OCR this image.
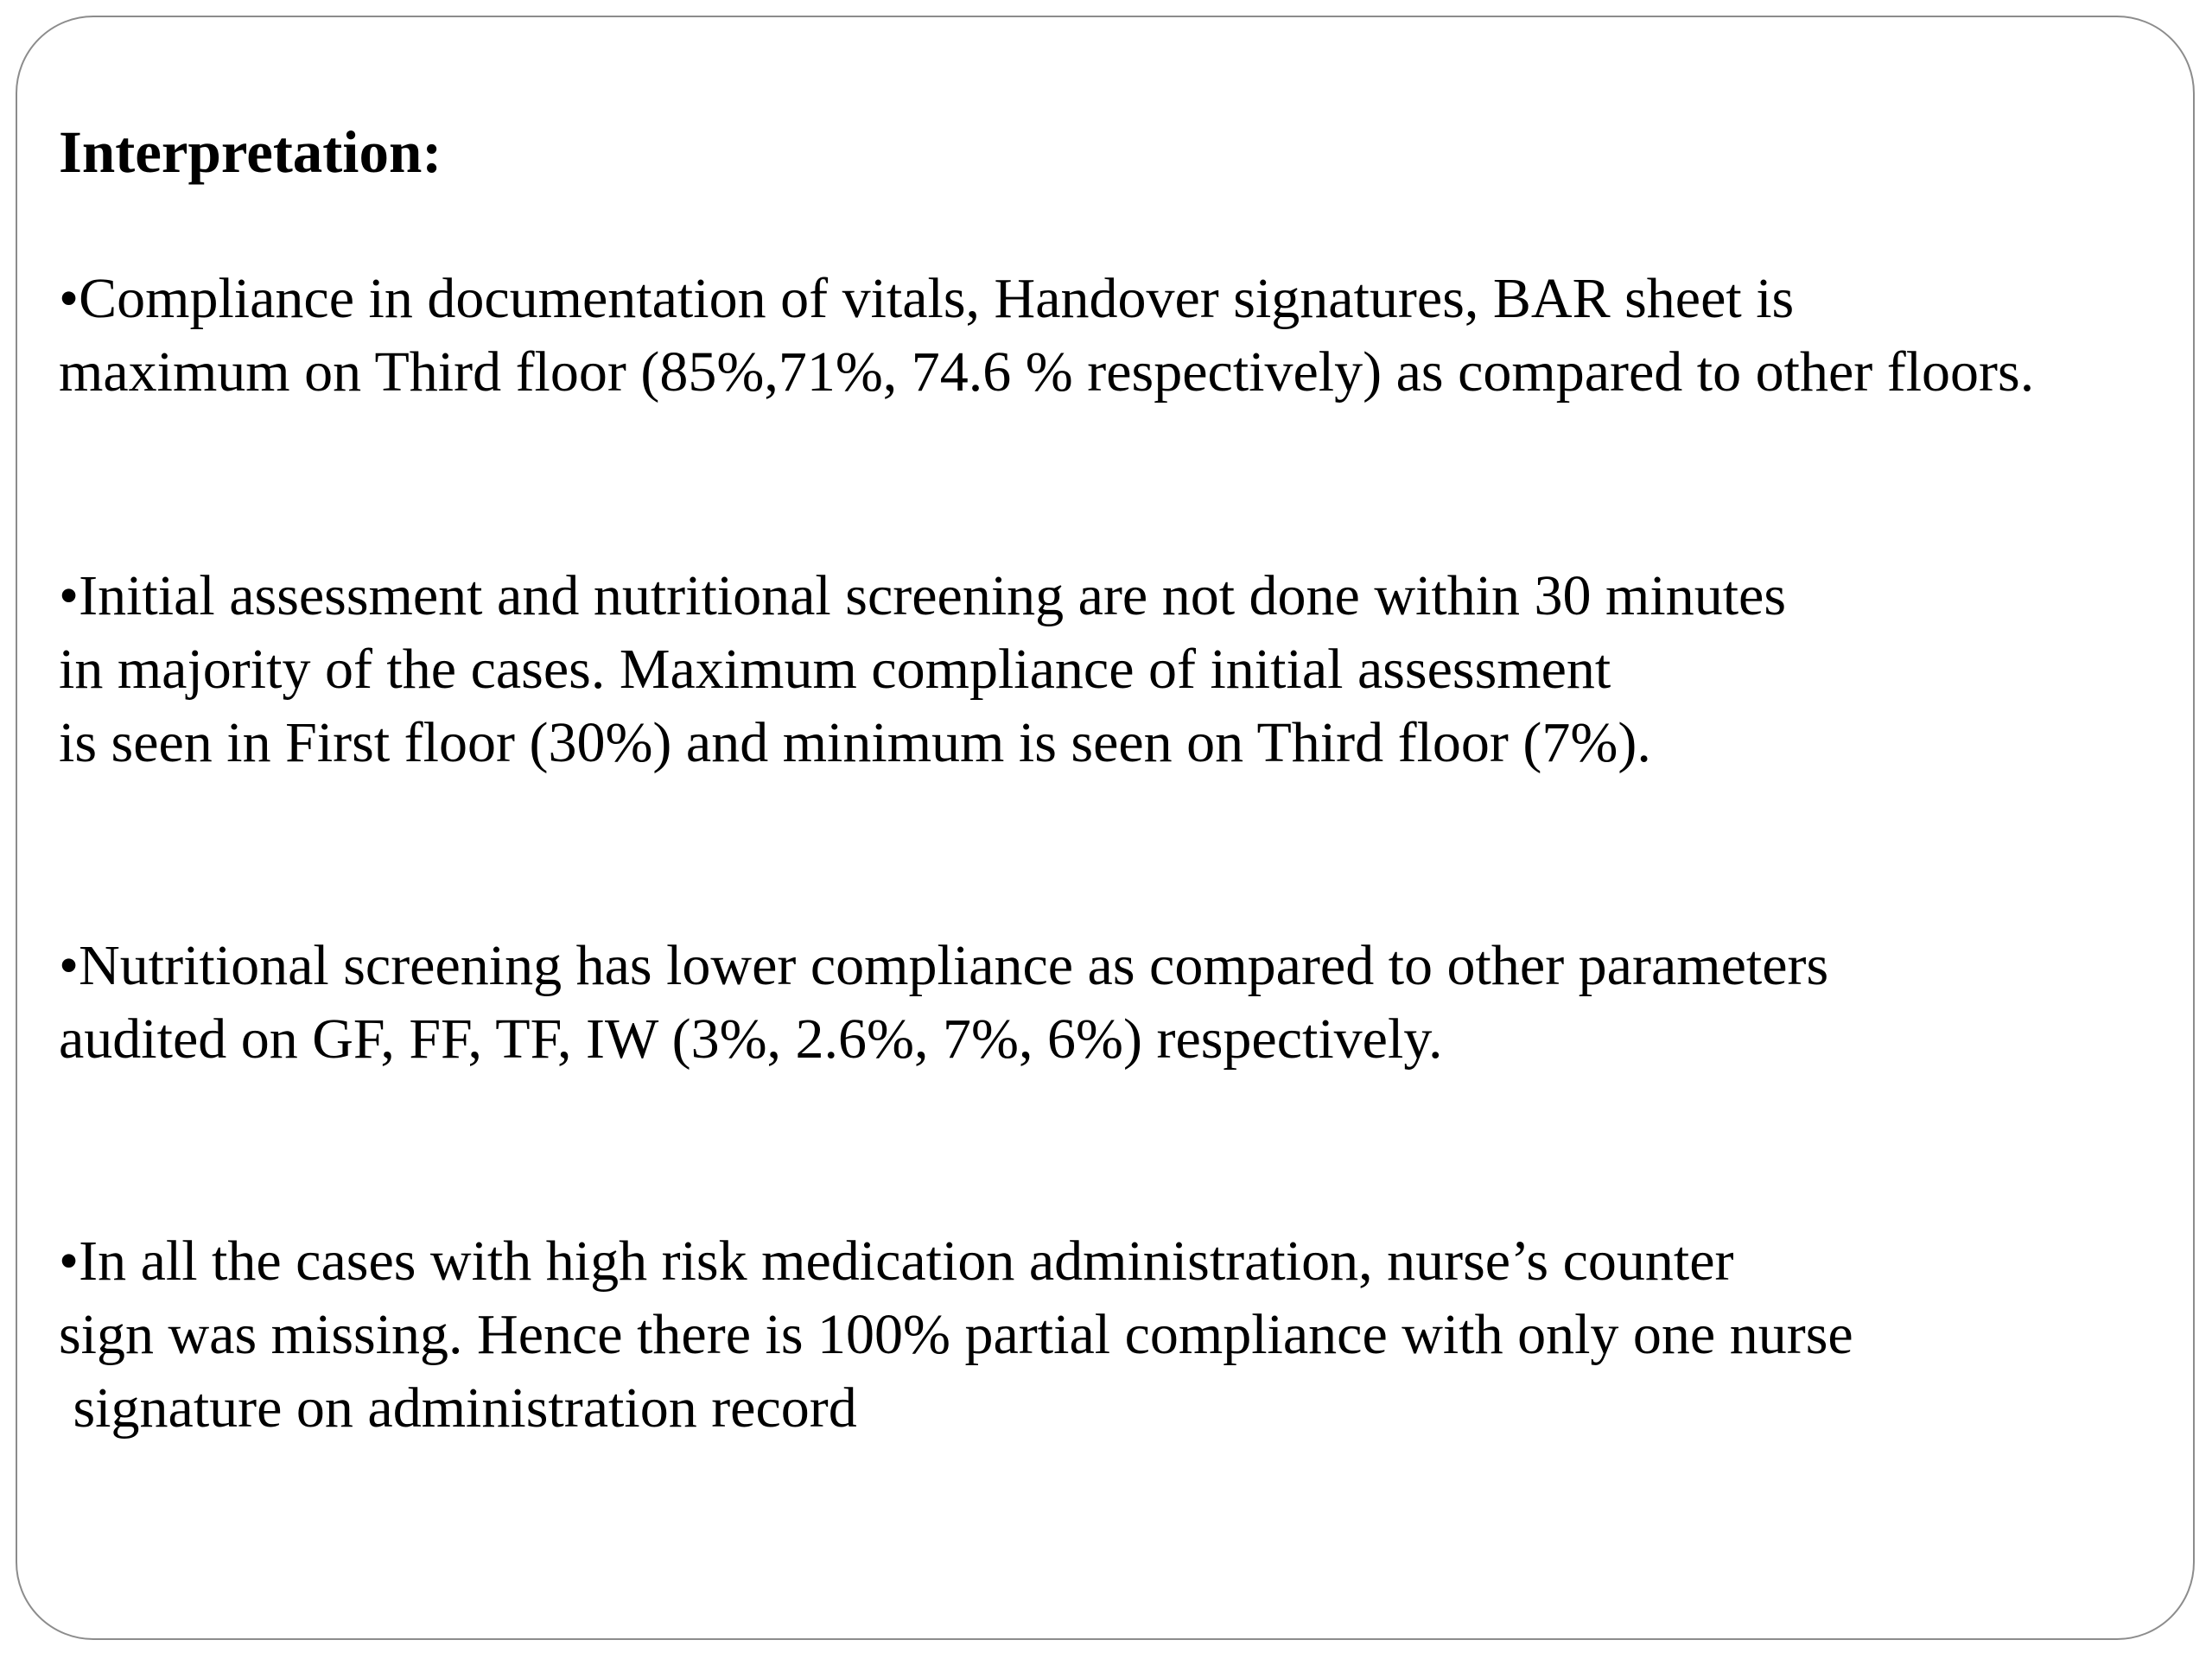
Interpretation:

•Compliance in documentation of vitals, Handover signatures, BAR sheet is
maximum on Third floor (85%,71%, 74.6 % respectively) as compared to other floors.

•Initial assessment and nutritional screening are not done within 30 minutes
in majority of the cases. Maximum compliance of initial assessment
is seen in First floor (30%) and minimum is seen on Third floor (7%).

•Nutritional screening has lower compliance as compared to other parameters
audited on GF, FF, TF, IW (3%, 2.6%, 7%, 6%) respectively.

•In all the cases with high risk medication administration, nurse’s counter
sign was missing. Hence there is 100% partial compliance with only one nurse
signature on administration record
